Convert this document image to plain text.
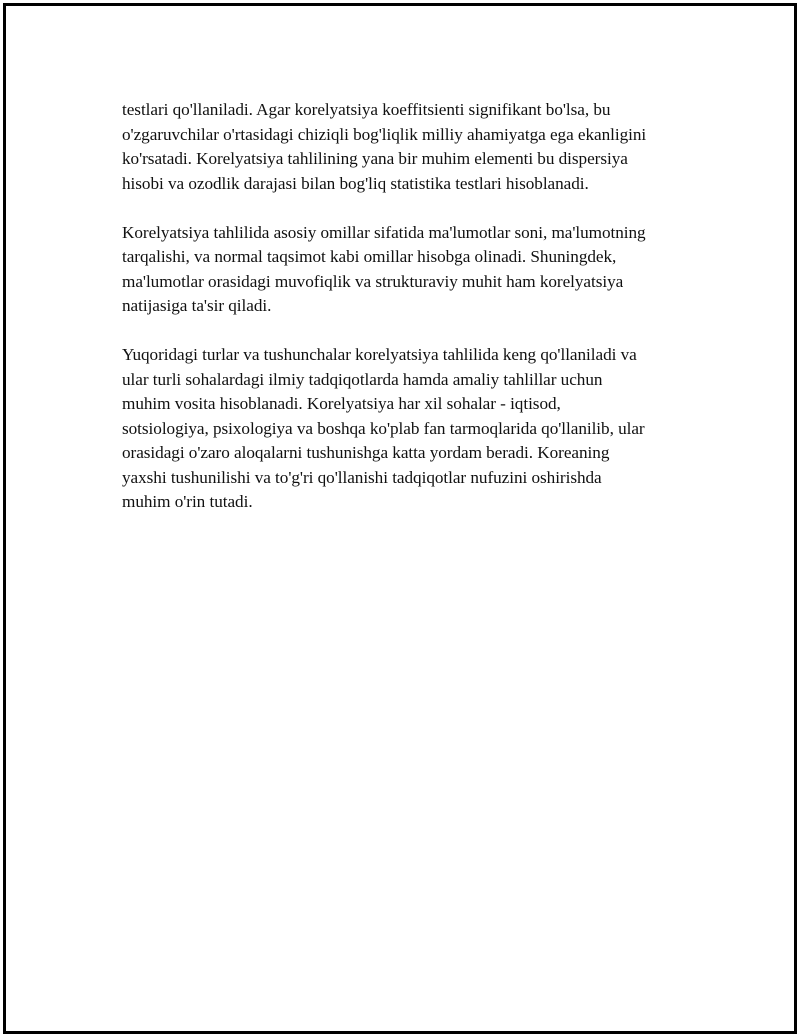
testlari qo'llaniladi. Agar korelyatsiya koeffitsienti signifikant bo'lsa, bu
o'zgaruvchilar o'rtasidagi chiziqli bog'liqlik milliy ahamiyatga ega ekanligini
ko'rsatadi. Korelyatsiya tahlilining yana bir muhim elementi bu dispersiya
hisobi va ozodlik darajasi bilan bog'liq statistika testlari hisoblanadi.

Korelyatsiya tahlilida asosiy omillar sifatida ma'lumotlar soni, ma'lumotning
tarqalishi, va normal taqsimot kabi omillar hisobga olinadi. Shuningdek,
ma'lumotlar orasidagi muvofiqlik va strukturaviy muhit ham korelyatsiya
natijasiga ta'sir qiladi.

Yuqoridagi turlar va tushunchalar korelyatsiya tahlilida keng qo'llaniladi va
ular turli sohalardagi ilmiy tadqiqotlarda hamda amaliy tahlillar uchun
muhim vosita hisoblanadi. Korelyatsiya har xil sohalar - iqtisod,
sotsiologiya, psixologiya va boshqa ko'plab fan tarmoqlarida qo'llanilib, ular
orasidagi o'zaro aloqalarni tushunishga katta yordam beradi. Koreaning
yaxshi tushunilishi va to'g'ri qo'llanishi tadqiqotlar nufuzini oshirishda
muhim o'rin tutadi.
